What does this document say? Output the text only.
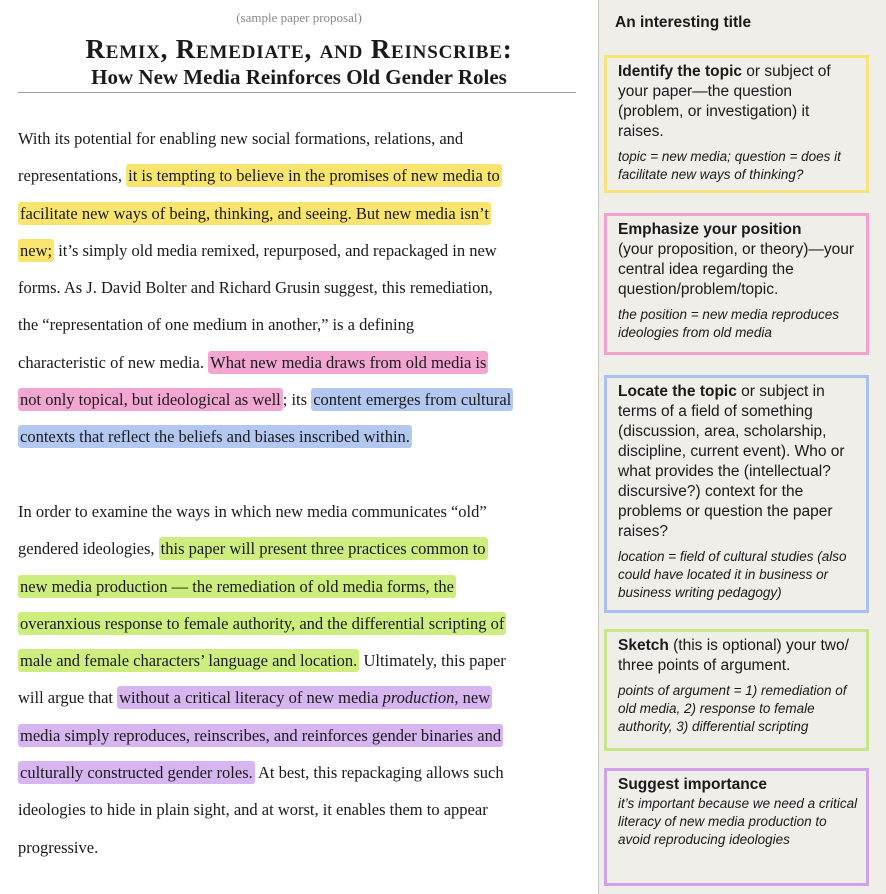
(sample paper proposal)
Remix, Remediate, and Reinscribe:
How New Media Reinforces Old Gender Roles
With its potential for enabling new social formations, relations, and
representations, it is tempting to believe in the promises of new media to
facilitate new ways of being, thinking, and seeing. But new media isn’t
new; it’s simply old media remixed, repurposed, and repackaged in new
forms. As J. David Bolter and Richard Grusin suggest, this remediation,
the “representation of one medium in another,” is a defining
characteristic of new media. What new media draws from old media is
not only topical, but ideological as well ; its content emerges from cultural
contexts that reflect the beliefs and biases inscribed within.
In order to examine the ways in which new media communicates “old”
gendered ideologies, this paper will present three practices common to
new media production — the remediation of old media forms, the
overanxious response to female authority, and the differential scripting of
male and female characters’ language and location. Ultimately, this paper
will argue that without a critical literacy of new media production, new
media simply reproduces, reinscribes, and reinforces gender binaries and
culturally constructed gender roles. At best, this repackaging allows such
ideologies to hide in plain sight, and at worst, it enables them to appear
progressive.
An interesting title
Identify the topic or subject of your paper—the question (problem, or investigation) it raises.
topic = new media; question = does it facilitate new ways of thinking?
Emphasize your position
(your proposition, or theory)—your central idea regarding the question/problem/topic.
the position = new media reproduces ideologies from old media
Locate the topic or subject in terms of a field of something (discussion, area, scholarship, discipline, current event). Who or what provides the (intellectual? discursive?) context for the problems or question the paper raises?
location = field of cultural studies (also could have located it in business or business writing pedagogy)
Sketch (this is optional) your two/ three points of argument.
points of argument = 1) remediation of old media, 2) response to female authority, 3) differential scripting
Suggest importance
it’s important because we need a critical literacy of new media production to avoid reproducing ideologies
